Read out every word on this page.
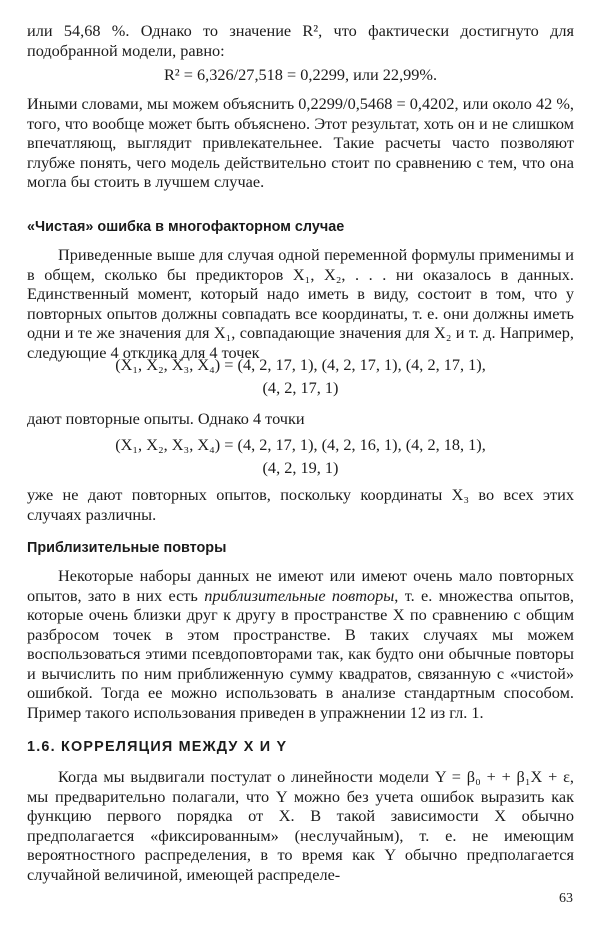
или 54,68 %. Однако то значение R², что фактически достигнуто для подобранной модели, равно:

R² = 6,326/27,518 = 0,2299, или 22,99%.

Иными словами, мы можем объяснить 0,2299/0,5468 = 0,4202, или около 42 %, того, что вообще может быть объяснено. Этот результат, хоть он и не слишком впечатляющ, выглядит привлекательнее. Такие расчеты часто позволяют глубже понять, чего модель действительно стоит по сравнению с тем, что она могла бы стоить в лучшем случае.

«Чистая» ошибка в многофакторном случае

Приведенные выше для случая одной переменной формулы применимы и в общем, сколько бы предикторов X₁, X₂, . . . ни оказалось в данных. Единственный момент, который надо иметь в виду, состоит в том, что у повторных опытов должны совпадать все координаты, т. е. они должны иметь одни и те же значения для X₁, совпадающие значения для X₂ и т. д. Например, следующие 4 отклика для 4 точек

(X₁, X₂, X₃, X₄) = (4, 2, 17, 1), (4, 2, 17, 1), (4, 2, 17, 1),

(4, 2, 17, 1)

дают повторные опыты. Однако 4 точки

(X₁, X₂, X₃, X₄) = (4, 2, 17, 1), (4, 2, 16, 1), (4, 2, 18, 1),

(4, 2, 19, 1)

уже не дают повторных опытов, поскольку координаты X₃ во всех этих случаях различны.

Приблизительные повторы

Некоторые наборы данных не имеют или имеют очень мало повторных опытов, зато в них есть приблизительные повторы, т. е. множества опытов, которые очень близки друг к другу в пространстве X по сравнению с общим разбросом точек в этом пространстве. В таких случаях мы можем воспользоваться этими псевдоповторами так, как будто они обычные повторы и вычислить по ним приближенную сумму квадратов, связанную с «чистой» ошибкой. Тогда ее можно использовать в анализе стандартным способом. Пример такого использования приведен в упражнении 12 из гл. 1.

1.6. КОРРЕЛЯЦИЯ МЕЖДУ X И Y

Когда мы выдвигали постулат о линейности модели Y = β₀ + + β₁X + ε, мы предварительно полагали, что Y можно без учета ошибок выразить как функцию первого порядка от X. В такой зависимости X обычно предполагается «фиксированным» (неслучайным), т. е. не имеющим вероятностного распределения, в то время как Y обычно предполагается случайной величиной, имеющей распределе-

63
